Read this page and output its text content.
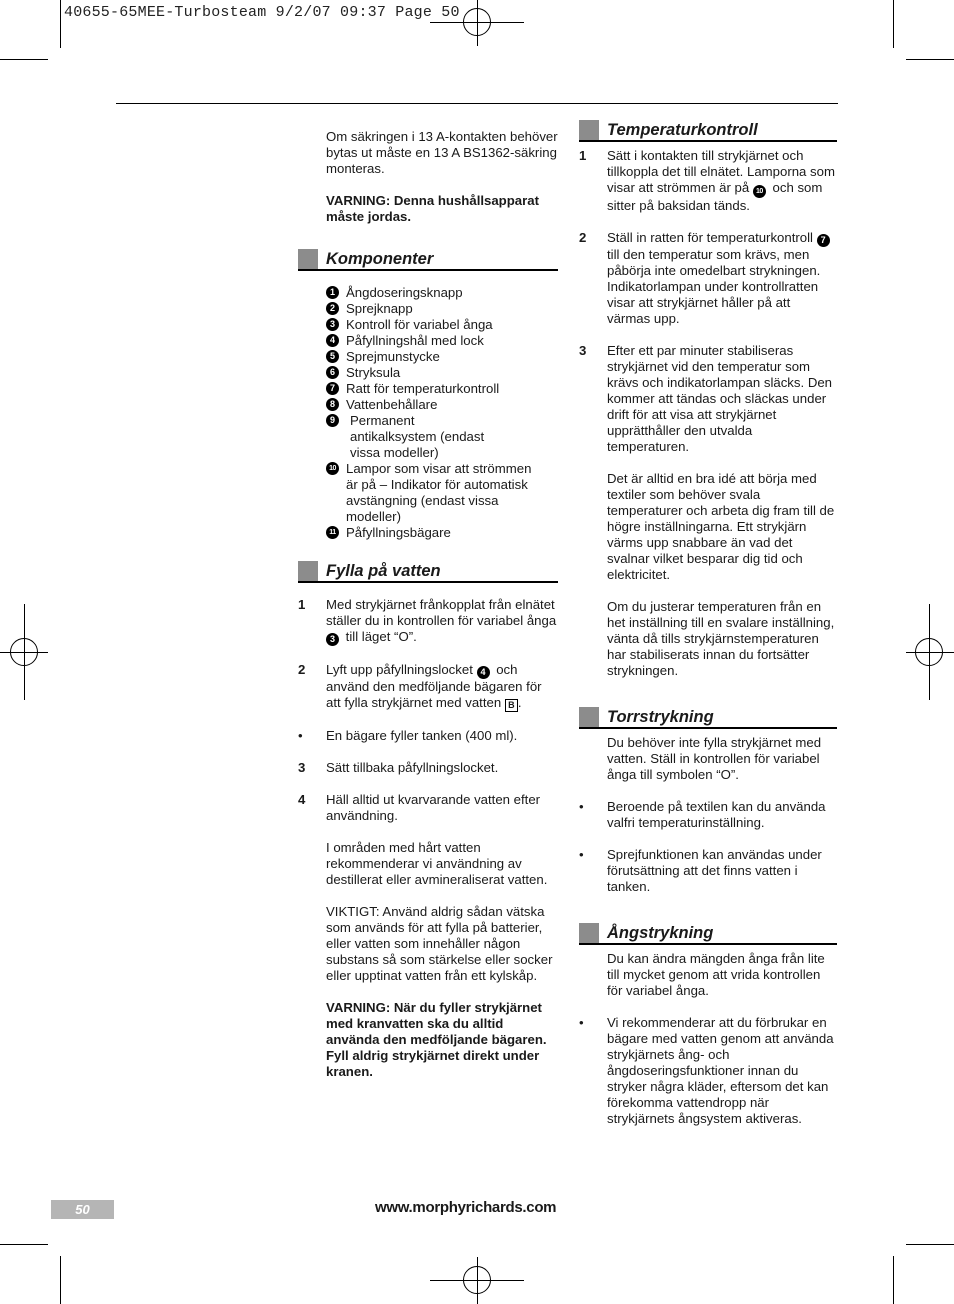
40655-65MEE-Turbosteam 9/2/07 09:37 Page 50

Om säkringen i 13 A-kontakten behöver bytas ut måste en 13 A BS1362-säkring monteras.

VARNING: Denna hushållsapparat måste jordas.

Komponenter
1 Ångdoseringsknapp
2 Sprejknapp
3 Kontroll för variabel ånga
4 Påfyllningshål med lock
5 Sprejmunstycke
6 Stryksula
7 Ratt för temperaturkontroll
8 Vattenbehållare
9	Permanent antikalksystem (endast vissa modeller)
10 Lampor som visar att strömmen är på – Indikator för automatisk avstängning (endast vissa modeller)
11 Påfyllningsbägare
Fylla på vatten
1 Med strykjärnet frånkopplat från elnätet ställer du in kontrollen för variabel ånga 3 till läget “O”.
2 Lyft upp påfyllningslocket 4 och använd den medföljande bägaren för att fylla strykjärnet med vatten B .
• En bägare fyller tanken (400 ml).
3 Sätt tillbaka påfyllningslocket.
4 Häll alltid ut kvarvarande vatten efter användning.

I områden med hårt vatten rekommenderar vi användning av destillerat eller avmineraliserat vatten.

VIKTIGT: Använd aldrig sådan vätska som används för att fylla på batterier, eller vatten som innehåller någon substans så som stärkelse eller socker eller upptinat vatten från ett kylskåp.

VARNING: När du fyller strykjärnet med kranvatten ska du alltid använda den medföljande bägaren. Fyll aldrig strykjärnet direkt under kranen.

Temperaturkontroll
1 Sätt i kontakten till strykjärnet och tillkoppla det till elnätet. Lamporna som visar att strömmen är på 10 och som sitter på baksidan tänds.
2 Ställ in ratten för temperaturkontroll 7 till den temperatur som krävs, men påbörja inte omedelbart strykningen. Indikatorlampan under kontrollratten visar att strykjärnet håller på att värmas upp.
3 Efter ett par minuter stabiliseras strykjärnet vid den temperatur som krävs och indikatorlampan släcks. Den kommer att tändas och släckas under drift för att visa att strykjärnet upprätthåller den utvalda temperaturen.

Det är alltid en bra idé att börja med textiler som behöver svala temperaturer och arbeta dig fram till de högre inställningarna. Ett strykjärn värms upp snabbare än vad det svalnar vilket besparar dig tid och elektricitet.

Om du justerar temperaturen från en het inställning till en svalare inställning, vänta då tills strykjärnstemperaturen har stabiliserats innan du fortsätter strykningen.

Torrstrykning
Du behöver inte fylla strykjärnet med vatten. Ställ in kontrollen för variabel ånga till symbolen “O”.
• Beroende på textilen kan du använda valfri temperaturinställning.
• Sprejfunktionen kan användas under förutsättning att det finns vatten i tanken.
Ångstrykning
Du kan ändra mängden ånga från lite till mycket genom att vrida kontrollen för variabel ånga.
• Vi rekommenderar att du förbrukar en bägare med vatten genom att använda strykjärnets ång- och ångdoseringsfunktioner innan du stryker några kläder, eftersom det kan förekomma vattendropp när strykjärnets ångsystem aktiveras.
50	www.morphyrichards.com
